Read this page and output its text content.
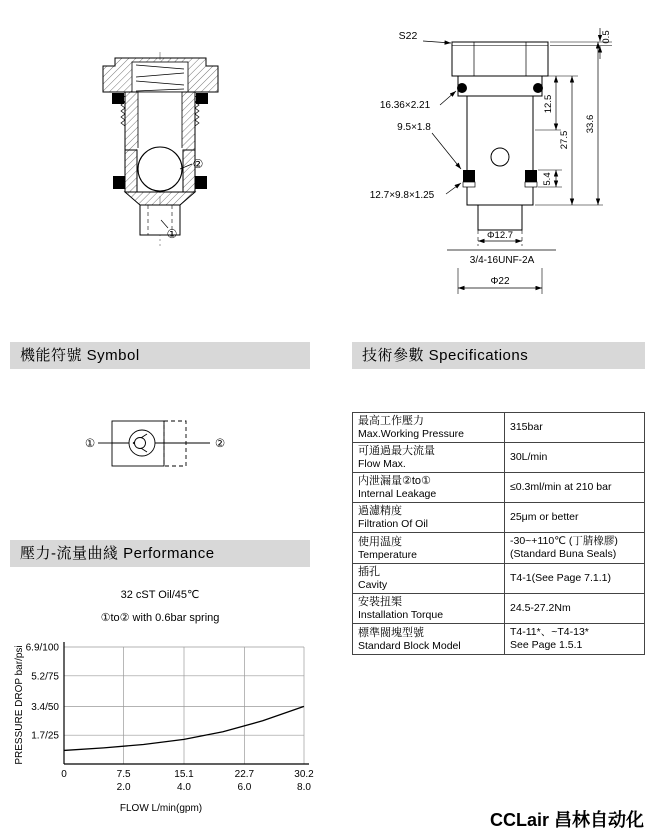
②
①
S22
16.36×2.21
9.5×1.8
12.7×9.8×1.25
Φ12.7
3/4-16UNF-2A
Φ22
0.5
12.5
5.4
27.5
33.6
機能符號 Symbol	技術參數 Specifications
壓力-流量曲綫 Performance
①	②
最高工作壓力
Max.Working Pressure	315bar

可通過最大流量
Flow Max.	30L/min

内泄漏量②to①
Internal Leakage	≤0.3ml/min at 210 bar

過濾精度
Filtration Of Oil	25μm or better

使用温度
Temperature	-30~+110℃ (丁腈橡膠)
(Standard Buna Seals)

插孔
Cavity	T4-1(See Page 7.1.1)

安裝扭榘
Installation Torque	24.5-27.2Nm

標準閥塊型號
Standard Block Model	T4-11*、~T4-13*
See Page 1.5.1
32 cST Oil/45℃
①to② with 0.6bar spring
PRESSURE DROP bar/psi 1.7/25
3.4/50
5.2/75
6.9/100
0	7.5
2.0
15.1
4.0
22.7
6.0
30.2
8.0
FLOW L/min(gpm)
CCLair 昌林自动化
